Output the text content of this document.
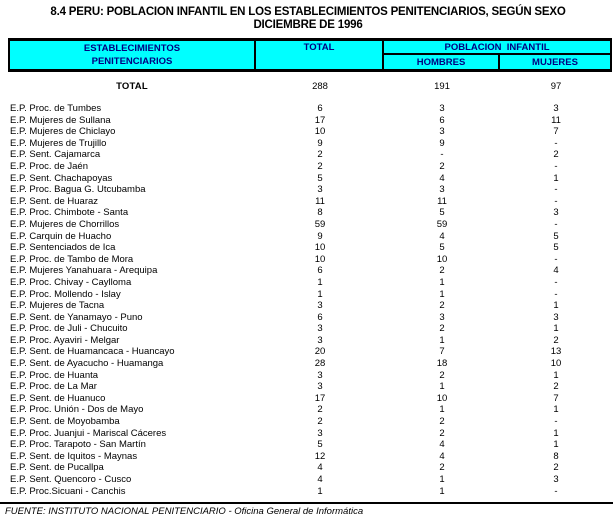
8.4 PERU: POBLACION INFANTIL EN LOS ESTABLECIMIENTOS PENITENCIARIOS, SEGÚN SEXO
DICIEMBRE DE 1996
ESTABLECIMIENTOS
PENITENCIARIOS
TOTAL	POBLACION  INFANTIL
HOMBRES	MUJERES
TOTAL	288	191	97
E.P. Proc. de Tumbes	6	3	3
E.P. Mujeres de Sullana	17	6	11
E.P. Mujeres de Chiclayo	10	3	7
E.P. Mujeres de Trujillo	9	9	-
E.P. Sent. Cajamarca	2	-	2
E.P. Proc. de Jaén	2	2	-
E.P. Sent. Chachapoyas	5	4	1
E.P. Proc. Bagua G. Utcubamba	3	3	-
E.P. Sent. de Huaraz	11	11	-
E.P. Proc. Chimbote - Santa	8	5	3
E.P. Mujeres de Chorrillos	59	59	-
E.P. Carquin de Huacho	9	4	5
E.P. Sentenciados de Ica	10	5	5
E.P. Proc. de Tambo de Mora	10	10	-
E.P. Mujeres Yanahuara - Arequipa	6	2	4
E.P. Proc. Chivay - Caylloma	1	1	-
E.P. Proc. Mollendo - Islay	1	1	-
E.P. Mujeres de Tacna	3	2	1
E.P. Sent. de Yanamayo - Puno	6	3	3
E.P. Proc. de Juli - Chucuito	3	2	1
E.P. Proc. Ayaviri - Melgar	3	1	2
E.P. Sent. de Huamancaca - Huancayo	20	7	13
E.P. Sent. de Ayacucho - Huamanga	28	18	10
E.P. Proc. de Huanta	3	2	1
E.P. Proc. de La Mar	3	1	2
E.P. Sent. de Huanuco	17	10	7
E.P. Proc. Unión - Dos de Mayo	2	1	1
E.P. Sent. de Moyobamba	2	2	-
E.P. Proc. Juanjui - Mariscal Cáceres	3	2	1
E.P. Proc. Tarapoto - San Martín	5	4	1
E.P. Sent. de Iquitos - Maynas	12	4	8
E.P. Sent. de Pucallpa	4	2	2
E.P. Sent. Quencoro - Cusco	4	1	3
E.P. Proc.Sicuani - Canchis	1	1	-
FUENTE: INSTITUTO NACIONAL PENITENCIARIO - Oficina General de Informática
